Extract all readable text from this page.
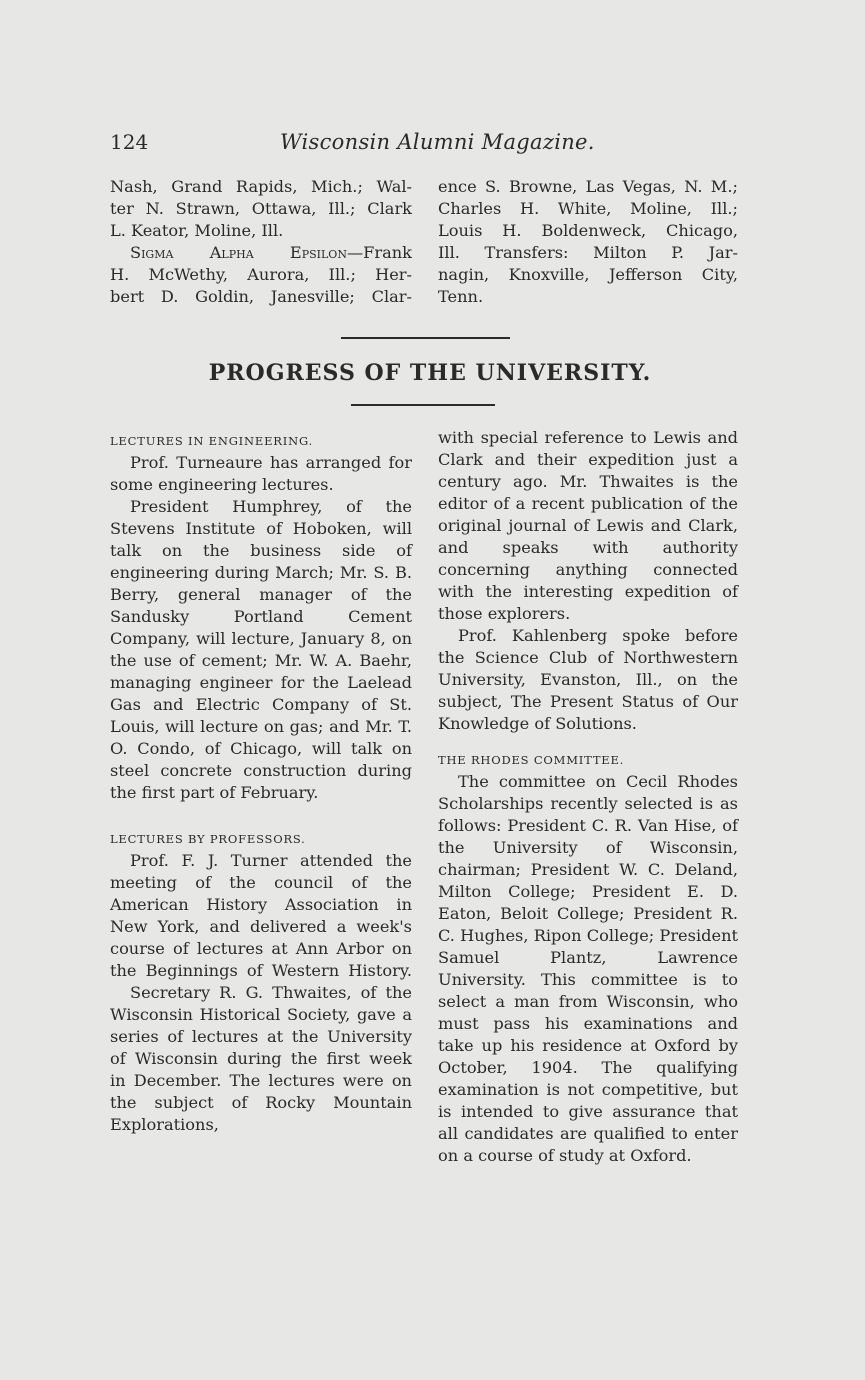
124	Wisconsin Alumni Magazine.

Nash, Grand Rapids, Mich.; Wal-

ter N. Strawn, Ottawa, Ill.; Clark

L. Keator, Moline, Ill.

Sigma Alpha Epsilon—Frank

H. McWethy, Aurora, Ill.; Her-

bert D. Goldin, Janesville; Clar-

ence S. Browne, Las Vegas, N. M.;

Charles H. White, Moline, Ill.;

Louis H. Boldenweck, Chicago,

Ill. Transfers: Milton P. Jar-

nagin, Knoxville, Jefferson City,

Tenn.

PROGRESS OF THE UNIVERSITY.

LECTURES IN ENGINEERING.

Prof. Turneaure has arranged for some engineering lectures.

President Humphrey, of the Stevens Institute of Hoboken, will talk on the business side of engineering during March; Mr. S. B. Berry, general manager of the Sandusky Portland Cement Company, will lecture, January 8, on the use of cement; Mr. W. A. Baehr, managing engineer for the Laelead Gas and Electric Company of St. Louis, will lecture on gas; and Mr. T. O. Condo, of Chicago, will talk on steel concrete construction during the first part of February.

LECTURES BY PROFESSORS.

Prof. F. J. Turner attended the meeting of the council of the American History Association in New York, and delivered a week's course of lectures at Ann Arbor on the Beginnings of Western History.

Secretary R. G. Thwaites, of the Wisconsin Historical Society, gave a series of lectures at the University of Wisconsin during the first week in December. The lectures were on the subject of Rocky Mountain Explorations,

with special reference to Lewis and Clark and their expedition just a century ago. Mr. Thwaites is the editor of a recent publication of the original journal of Lewis and Clark, and speaks with authority concerning anything connected with the interesting expedition of those explorers.

Prof. Kahlenberg spoke before the Science Club of Northwestern University, Evanston, Ill., on the subject, The Present Status of Our Knowledge of Solutions.

THE RHODES COMMITTEE.

The committee on Cecil Rhodes Scholarships recently selected is as follows: President C. R. Van Hise, of the University of Wisconsin, chairman; President W. C. Deland, Milton College; President E. D. Eaton, Beloit College; President R. C. Hughes, Ripon College; President Samuel Plantz, Lawrence University. This committee is to select a man from Wisconsin, who must pass his examinations and take up his residence at Oxford by October, 1904. The qualifying examination is not competitive, but is intended to give assurance that all candidates are qualified to enter on a course of study at Oxford.
